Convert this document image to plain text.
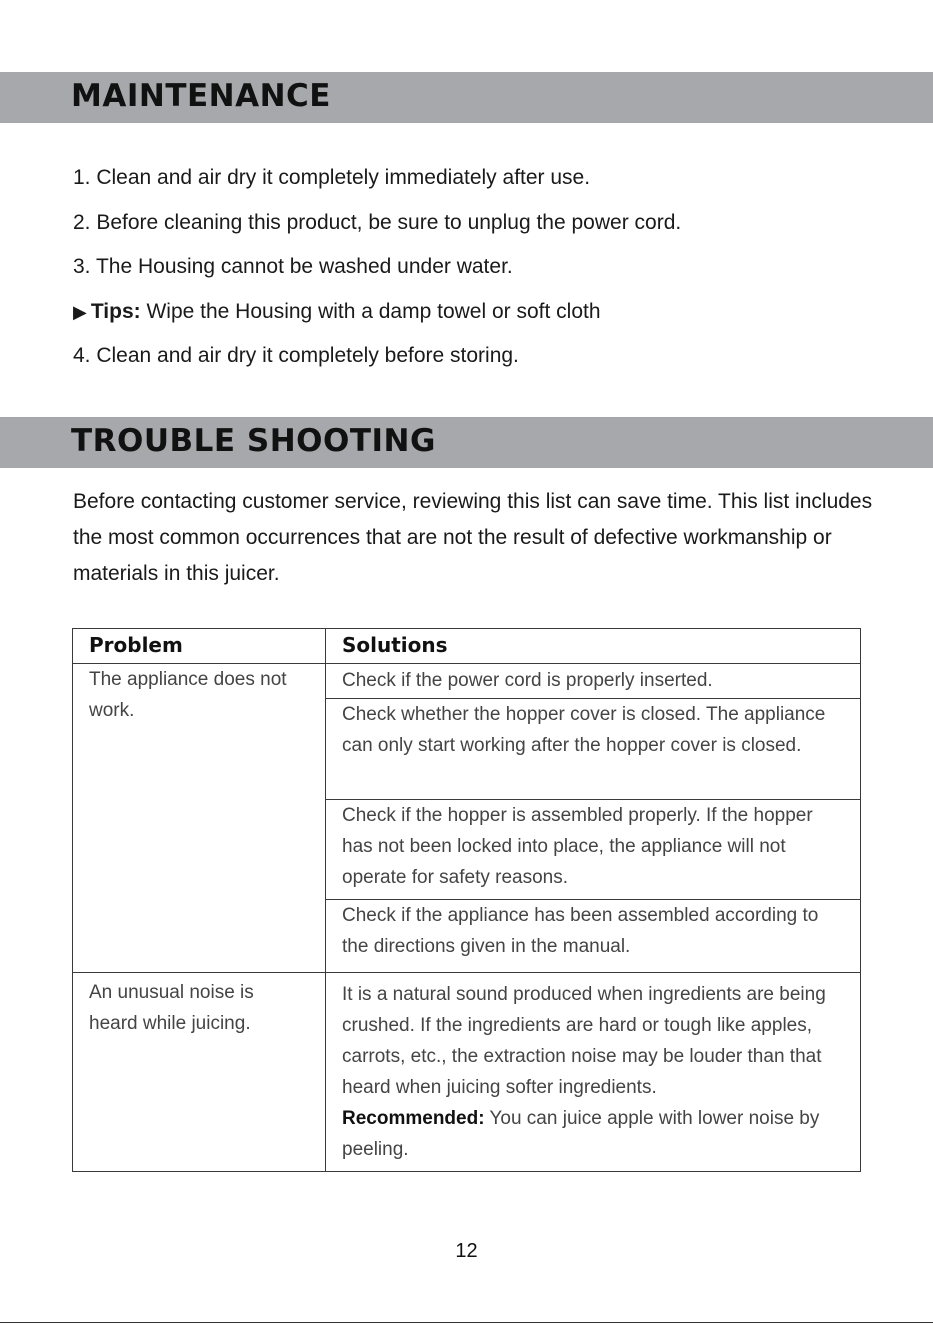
MAINTENANCE
1. Clean and air dry it completely immediately after use.
2. Before cleaning this product, be sure to unplug the power cord.
3. The Housing cannot be washed under water.
▶ Tips: Wipe the Housing with a damp towel or soft cloth
4. Clean and air dry it completely before storing.
TROUBLE SHOOTING
Before contacting customer service, reviewing this list can save time. This list includes the most common occurrences that are not the result of defective workmanship or materials in this juicer.
Problem	Solutions
The appliance does not work.	Check if the power cord is properly inserted.
	Check whether the hopper cover is closed. The appliance can only start working after the hopper cover is closed.
	Check if the hopper is assembled properly. If the hopper has not been locked into place, the appliance will not operate for safety reasons.
	Check if the appliance has been assembled according to the directions given in the manual.
An unusual noise is heard while juicing.	It is a natural sound produced when ingredients are being crushed. If the ingredients are hard or tough like apples, carrots, etc., the extraction noise may be louder than that heard when juicing softer ingredients.
Recommended: You can juice apple with lower noise by peeling.
12
